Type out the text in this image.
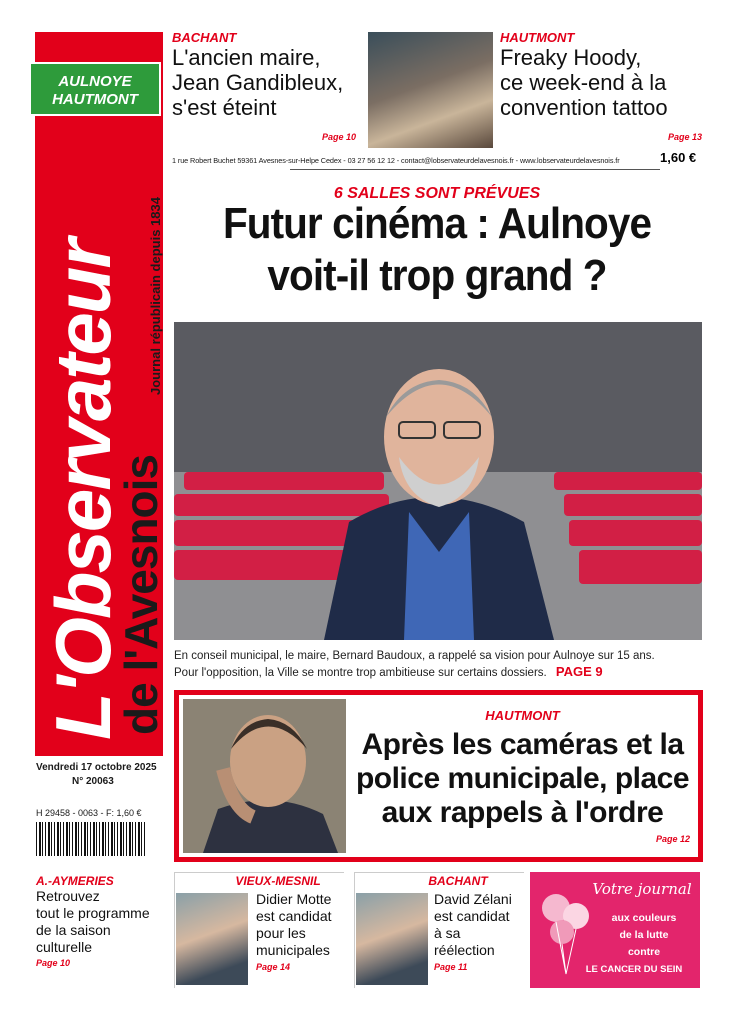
AULNOYE
HAUTMONT
L'Observateur
de l'Avesnois
Journal républicain depuis 1834
Vendredi 17 octobre 2025
N° 20063
H 29458 - 0063 - F: 1,60 €
BACHANT
L'ancien maire,
Jean Gandibleux,
s'est éteint
Page 10
HAUTMONT
Freaky Hoody,
ce week-end à la
convention tattoo
Page 13
1 rue Robert Buchet 59361 Avesnes-sur-Helpe Cedex - 03 27 56 12 12 - contact@lobservateurdelavesnois.fr - www.lobservateurdelavesnois.fr	1,60 €
6 SALLES SONT PRÉVUES
Futur cinéma : Aulnoye
voit-il trop grand ?
En conseil municipal, le maire, Bernard Baudoux, a rappelé sa vision pour Aulnoye sur 15 ans.
Pour l'opposition, la Ville se montre trop ambitieuse sur certains dossiers. PAGE 9
HAUTMONT
Après les caméras et la
police municipale, place
aux rappels à l'ordre
Page 12
A.-AYMERIES
Retrouvez
tout le programme
de la saison
culturelle
Page 10
VIEUX-MESNIL
Didier Motte
est candidat
pour les
municipales
Page 14
BACHANT
David Zélani
est candidat
à sa
réélection
Page 11
Votre journal
aux couleurs
de la lutte
contre
LE CANCER DU SEIN
